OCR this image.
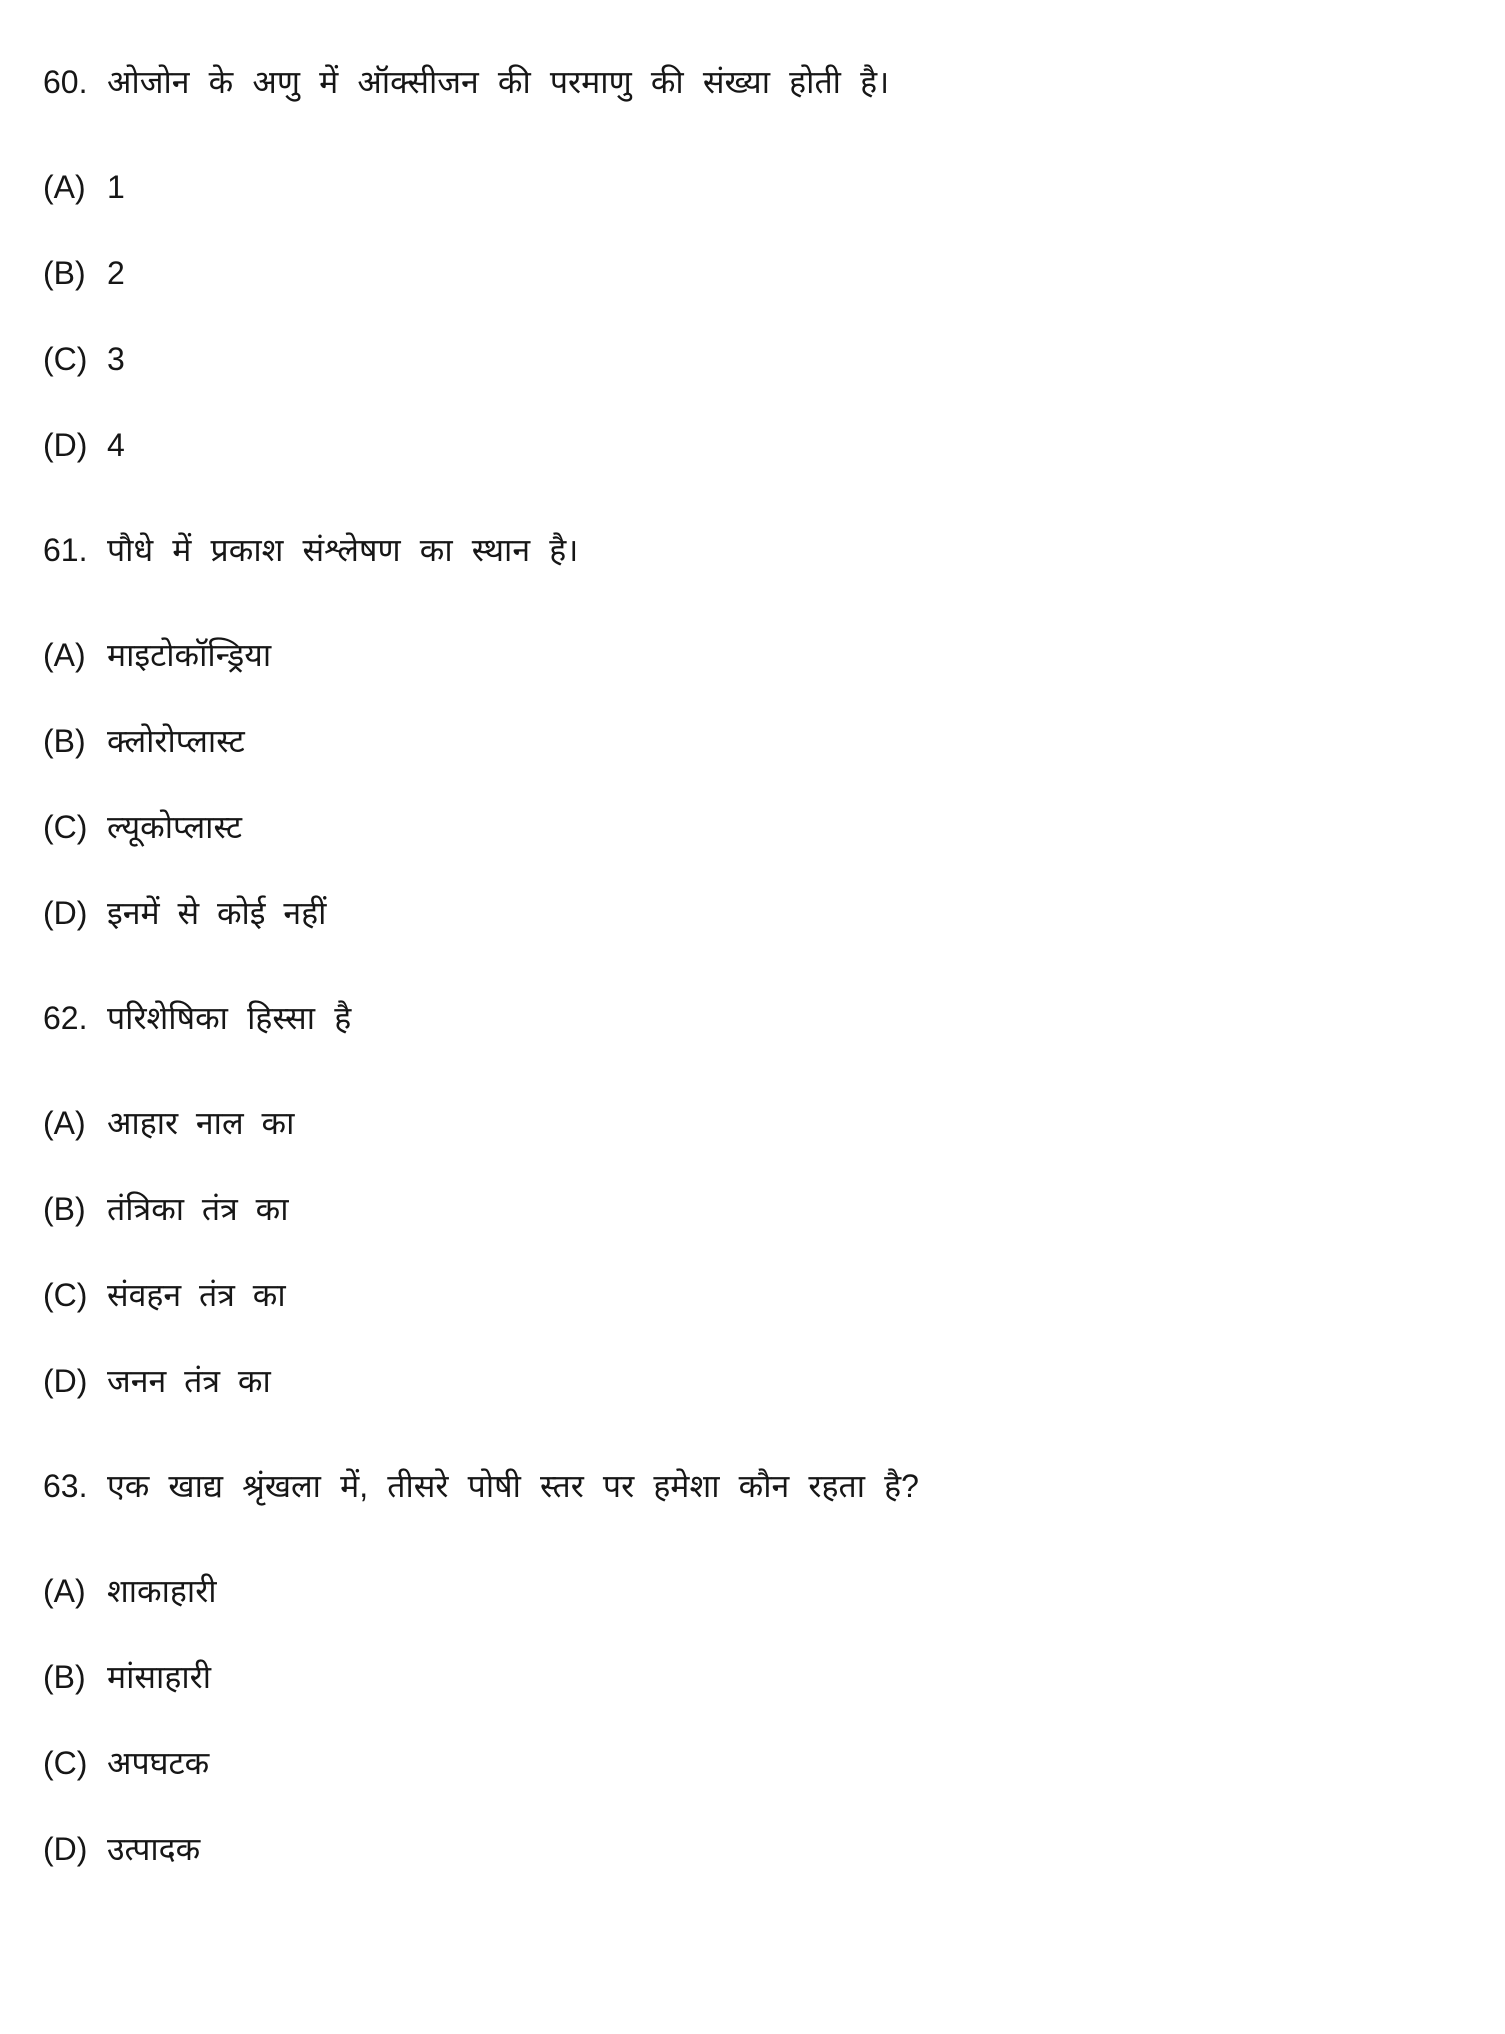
60. ओजोन के अणु में ऑक्सीजन की परमाणु की संख्या होती है।
(A) 1
(B) 2
(C) 3
(D) 4
61. पौधे में प्रकाश संश्लेषण का स्थान है।
(A) माइटोकॉन्ड्रिया
(B) क्लोरोप्लास्ट
(C) ल्यूकोप्लास्ट
(D) इनमें से कोई नहीं
62. परिशेषिका हिस्सा है
(A) आहार नाल का
(B) तंत्रिका तंत्र का
(C) संवहन तंत्र का
(D) जनन तंत्र का
63. एक खाद्य श्रृंखला में, तीसरे पोषी स्तर पर हमेशा कौन रहता है?
(A) शाकाहारी
(B) मांसाहारी
(C) अपघटक
(D) उत्पादक
